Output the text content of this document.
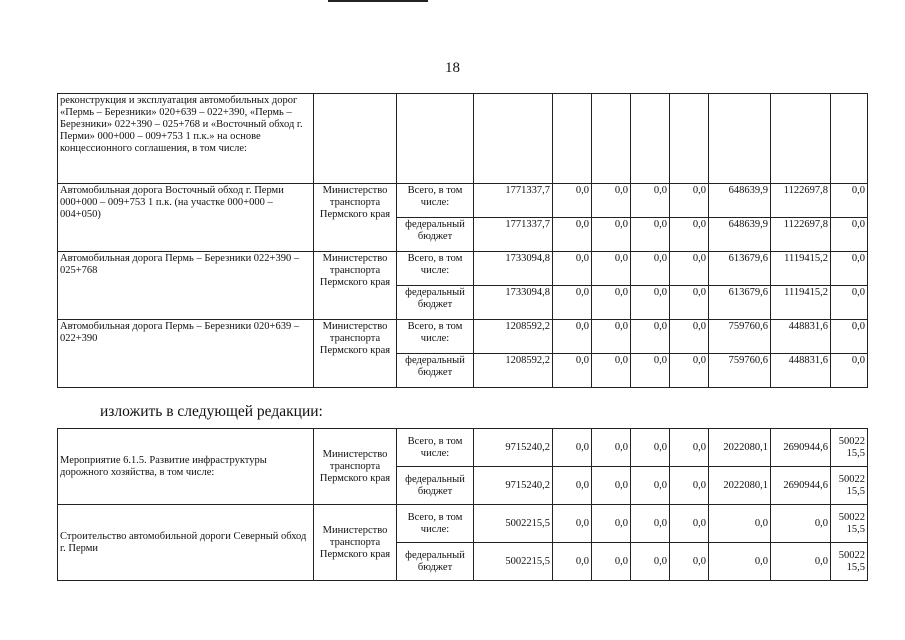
18
реконструкция и эксплуатация автомобильных дорог «Пермь – Березники» 020+639 – 022+390, «Пермь – Березники» 022+390 – 025+768 и «Восточный обход г. Перми» 000+000 – 009+753 1 п.к.» на основе концессионного соглашения, в том числе:										
Автомобильная дорога Восточный обход г. Перми 000+000 – 009+753 1 п.к. (на участке 000+000 – 004+050)	Министерство транспорта Пермского края	Всего, в том числе:	1771337,7	0,0	0,0	0,0	0,0	648639,9	1122697,8	0,0
		федеральный бюджет	1771337,7	0,0	0,0	0,0	0,0	648639,9	1122697,8	0,0
Автомобильная дорога Пермь – Березники 022+390 – 025+768	Министерство транспорта Пермского края	Всего, в том числе:	1733094,8	0,0	0,0	0,0	0,0	613679,6	1119415,2	0,0
		федеральный бюджет	1733094,8	0,0	0,0	0,0	0,0	613679,6	1119415,2	0,0
Автомобильная дорога Пермь – Березники 020+639 – 022+390	Министерство транспорта Пермского края	Всего, в том числе:	1208592,2	0,0	0,0	0,0	0,0	759760,6	448831,6	0,0
		федеральный бюджет	1208592,2	0,0	0,0	0,0	0,0	759760,6	448831,6	0,0
изложить в следующей редакции:
Мероприятие 6.1.5. Развитие инфраструктуры дорожного хозяйства, в том числе:	Министерство транспорта Пермского края	Всего, в том числе:	9715240,2	0,0	0,0	0,0	0,0	2022080,1	2690944,6	50022 15,5
		федеральный бюджет	9715240,2	0,0	0,0	0,0	0,0	2022080,1	2690944,6	50022 15,5
Строительство автомобильной дороги Северный обход г. Перми	Министерство транспорта Пермского края	Всего, в том числе:	5002215,5	0,0	0,0	0,0	0,0	0,0	0,0	50022 15,5
		федеральный бюджет	5002215,5	0,0	0,0	0,0	0,0	0,0	0,0	50022 15,5
